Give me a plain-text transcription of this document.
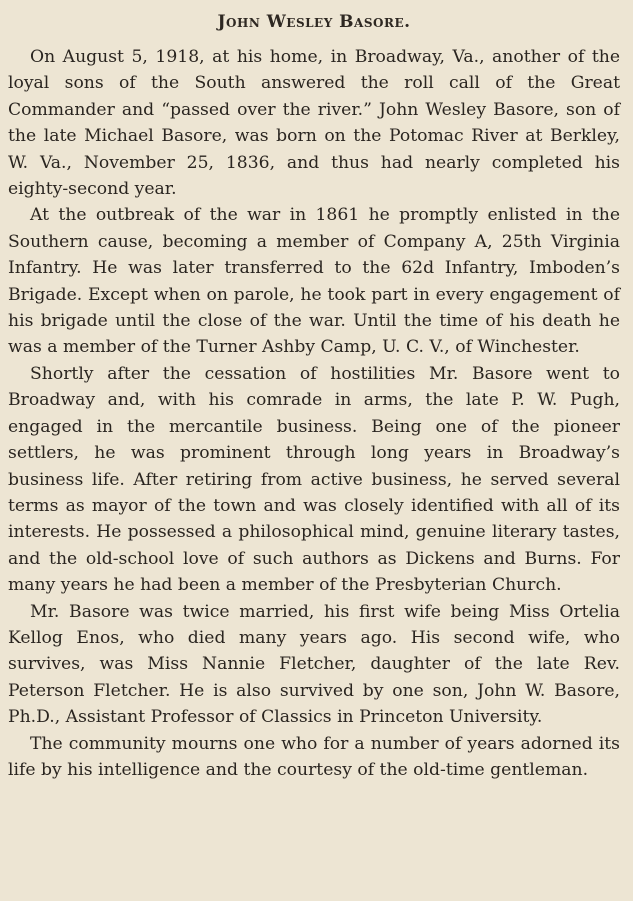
John Wesley Basore.

On August 5, 1918, at his home, in Broadway, Va., another of the loyal sons of the South answered the roll call of the Great Commander and “passed over the river.” John Wesley Basore, son of the late Michael Basore, was born on the Potomac River at Berkley, W. Va., November 25, 1836, and thus had nearly completed his eighty-second year.

At the outbreak of the war in 1861 he promptly enlisted in the Southern cause, becoming a member of Company A, 25th Virginia Infantry. He was later transferred to the 62d Infantry, Imboden’s Brigade. Except when on parole, he took part in every engagement of his brigade until the close of the war. Until the time of his death he was a member of the Turner Ashby Camp, U. C. V., of Winchester.

Shortly after the cessation of hostilities Mr. Basore went to Broadway and, with his comrade in arms, the late P. W. Pugh, engaged in the mercantile business. Being one of the pioneer settlers, he was prominent through long years in Broadway’s business life. After retiring from active business, he served several terms as mayor of the town and was closely identified with all of its interests. He possessed a philosophical mind, genuine literary tastes, and the old-school love of such authors as Dickens and Burns. For many years he had been a member of the Presbyterian Church.

Mr. Basore was twice married, his first wife being Miss Ortelia Kellog Enos, who died many years ago. His second wife, who survives, was Miss Nannie Fletcher, daughter of the late Rev. Peterson Fletcher. He is also survived by one son, John W. Basore, Ph.D., Assistant Professor of Classics in Princeton University.

The community mourns one who for a number of years adorned its life by his intelligence and the courtesy of the old-time gentleman.
